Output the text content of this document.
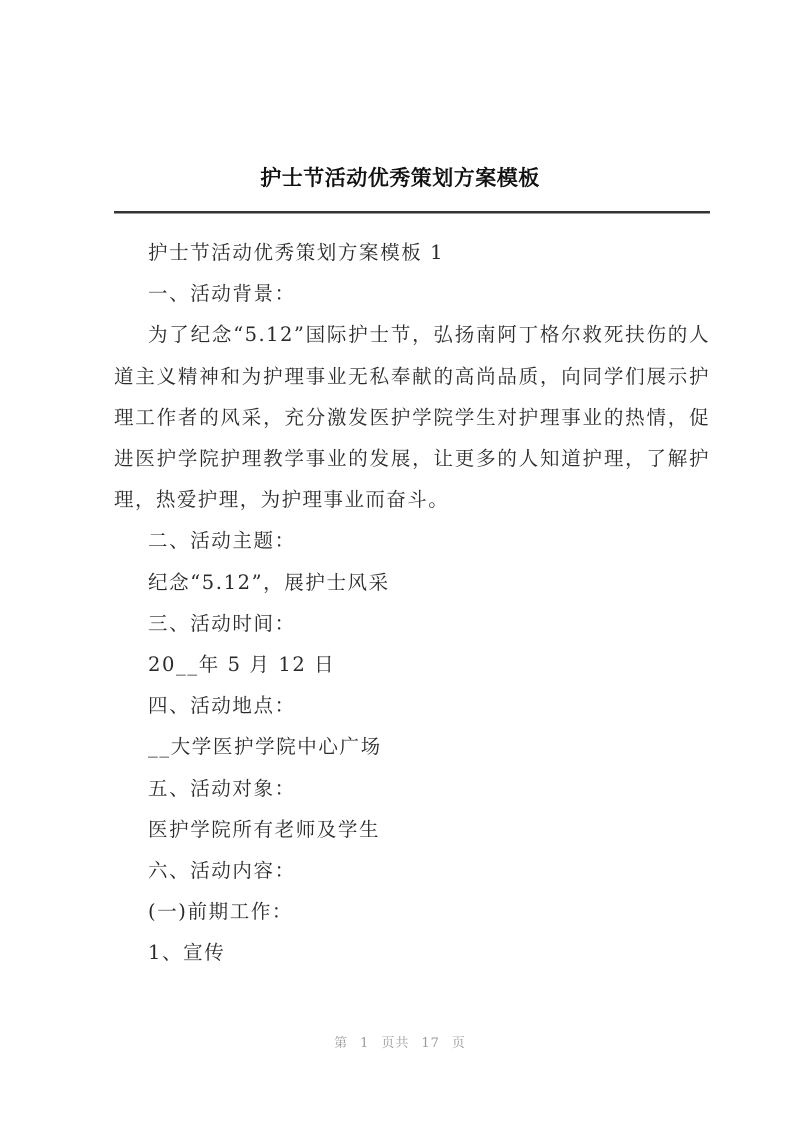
护士节活动优秀策划方案模板
护士节活动优秀策划方案模板 1
一、活动背景：
为了纪念“5.12”国际护士节，弘扬南阿丁格尔救死扶伤的人道主义精神和为护理事业无私奉献的高尚品质，向同学们展示护理工作者的风采，充分激发医护学院学生对护理事业的热情，促进医护学院护理教学事业的发展，让更多的人知道护理，了解护理，热爱护理，为护理事业而奋斗。
二、活动主题：
纪念“5.12”，展护士风采
三、活动时间：
20__年 5 月 12 日
四、活动地点：
__大学医护学院中心广场
五、活动对象：
医护学院所有老师及学生
六、活动内容：
(一)前期工作：
1、宣传
第 1 页共 17 页
